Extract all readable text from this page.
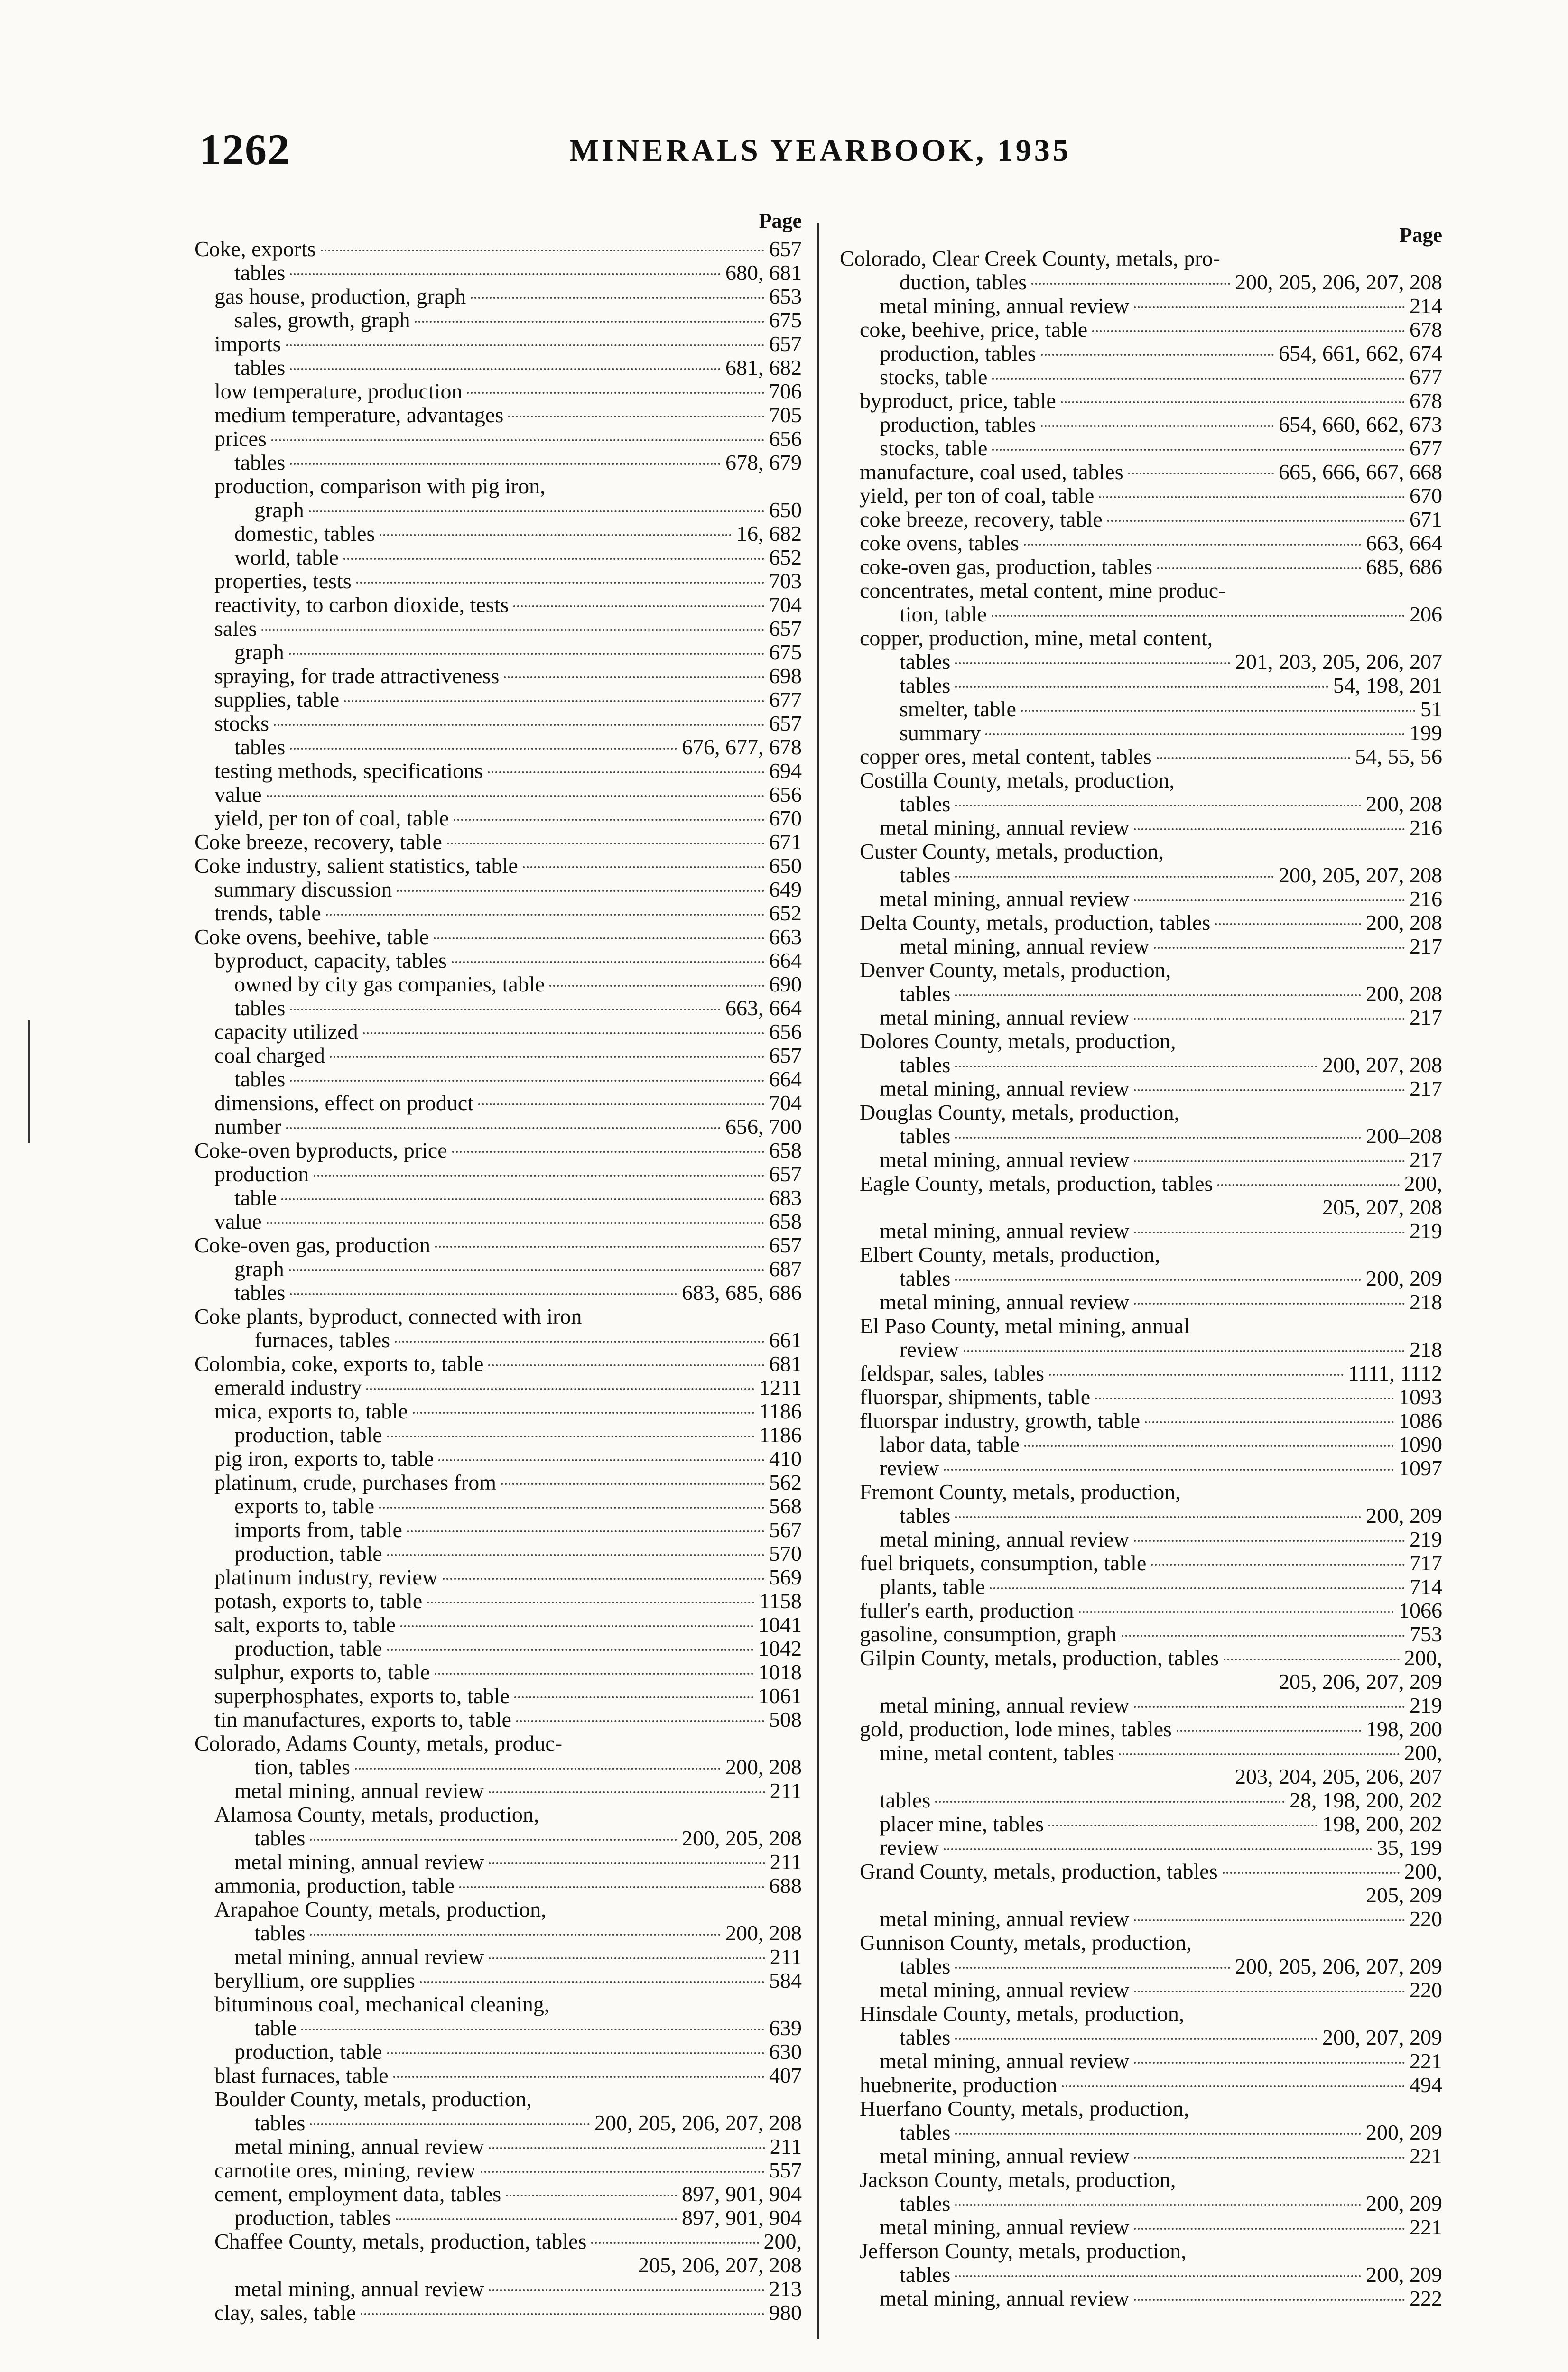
1262	MINERALS YEARBOOK, 1935
Page
Coke, exports	657
tables	680, 681
gas house, production, graph	653
sales, growth, graph	675
imports	657
tables	681, 682
low temperature, production	706
medium temperature, advantages	705
prices	656
tables	678, 679
production, comparison with pig iron,
graph	650
domestic, tables	16, 682
world, table	652
properties, tests	703
reactivity, to carbon dioxide, tests	704
sales	657
graph	675
spraying, for trade attractiveness	698
supplies, table	677
stocks	657
tables	676, 677, 678
testing methods, specifications	694
value	656
yield, per ton of coal, table	670
Coke breeze, recovery, table	671
Coke industry, salient statistics, table	650
summary discussion	649
trends, table	652
Coke ovens, beehive, table	663
byproduct, capacity, tables	664
owned by city gas companies, table	690
tables	663, 664
capacity utilized	656
coal charged	657
tables	664
dimensions, effect on product	704
number	656, 700
Coke-oven byproducts, price	658
production	657
table	683
value	658
Coke-oven gas, production	657
graph	687
tables	683, 685, 686
Coke plants, byproduct, connected with iron
furnaces, tables	661
Colombia, coke, exports to, table	681
emerald industry	1211
mica, exports to, table	1186
production, table	1186
pig iron, exports to, table	410
platinum, crude, purchases from	562
exports to, table	568
imports from, table	567
production, table	570
platinum industry, review	569
potash, exports to, table	1158
salt, exports to, table	1041
production, table	1042
sulphur, exports to, table	1018
superphosphates, exports to, table	1061
tin manufactures, exports to, table	508
Colorado, Adams County, metals, produc-
tion, tables	200, 208
metal mining, annual review	211
Alamosa County, metals, production,
tables	200, 205, 208
metal mining, annual review	211
ammonia, production, table	688
Arapahoe County, metals, production,
tables	200, 208
metal mining, annual review	211
beryllium, ore supplies	584
bituminous coal, mechanical cleaning,
table	639
production, table	630
blast furnaces, table	407
Boulder County, metals, production,
tables	200, 205, 206, 207, 208
metal mining, annual review	211
carnotite ores, mining, review	557
cement, employment data, tables	897, 901, 904
production, tables	897, 901, 904
Chaffee County, metals, production, tables	200,
205, 206, 207, 208
metal mining, annual review	213
clay, sales, table	980
Page
Colorado, Clear Creek County, metals, pro-
duction, tables	200, 205, 206, 207, 208
metal mining, annual review	214
coke, beehive, price, table	678
production, tables	654, 661, 662, 674
stocks, table	677
byproduct, price, table	678
production, tables	654, 660, 662, 673
stocks, table	677
manufacture, coal used, tables	665, 666, 667, 668
yield, per ton of coal, table	670
coke breeze, recovery, table	671
coke ovens, tables	663, 664
coke-oven gas, production, tables	685, 686
concentrates, metal content, mine produc-
tion, table	206
copper, production, mine, metal content,
tables	201, 203, 205, 206, 207
tables	54, 198, 201
smelter, table	51
summary	199
copper ores, metal content, tables	54, 55, 56
Costilla County, metals, production,
tables	200, 208
metal mining, annual review	216
Custer County, metals, production,
tables	200, 205, 207, 208
metal mining, annual review	216
Delta County, metals, production, tables	200, 208
metal mining, annual review	217
Denver County, metals, production,
tables	200, 208
metal mining, annual review	217
Dolores County, metals, production,
tables	200, 207, 208
metal mining, annual review	217
Douglas County, metals, production,
tables	200–208
metal mining, annual review	217
Eagle County, metals, production, tables	200,
205, 207, 208
metal mining, annual review	219
Elbert County, metals, production,
tables	200, 209
metal mining, annual review	218
El Paso County, metal mining, annual
review	218
feldspar, sales, tables	1111, 1112
fluorspar, shipments, table	1093
fluorspar industry, growth, table	1086
labor data, table	1090
review	1097
Fremont County, metals, production,
tables	200, 209
metal mining, annual review	219
fuel briquets, consumption, table	717
plants, table	714
fuller's earth, production	1066
gasoline, consumption, graph	753
Gilpin County, metals, production, tables	200,
205, 206, 207, 209
metal mining, annual review	219
gold, production, lode mines, tables	198, 200
mine, metal content, tables	200,
203, 204, 205, 206, 207
tables	28, 198, 200, 202
placer mine, tables	198, 200, 202
review	35, 199
Grand County, metals, production, tables	200,
205, 209
metal mining, annual review	220
Gunnison County, metals, production,
tables	200, 205, 206, 207, 209
metal mining, annual review	220
Hinsdale County, metals, production,
tables	200, 207, 209
metal mining, annual review	221
huebnerite, production	494
Huerfano County, metals, production,
tables	200, 209
metal mining, annual review	221
Jackson County, metals, production,
tables	200, 209
metal mining, annual review	221
Jefferson County, metals, production,
tables	200, 209
metal mining, annual review	222
